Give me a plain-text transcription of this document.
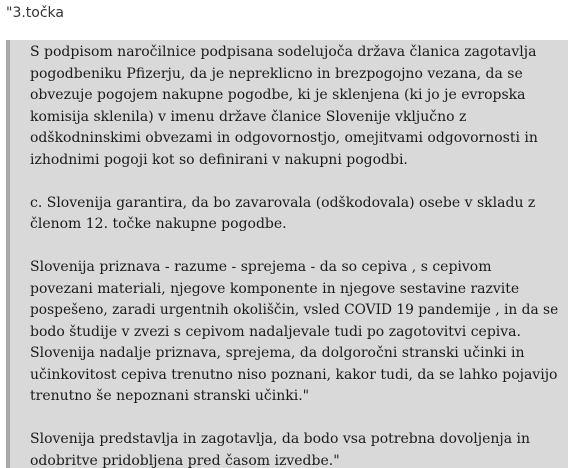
"3.točka
S podpisom naročilnice podpisana sodelujoča država članica zagotavlja
pogodbeniku Pfizerju, da je nepreklicno in brezpogojno vezana, da se
obvezuje pogojem nakupne pogodbe, ki je sklenjena (ki jo je evropska
komisija sklenila) v imenu države članice Slovenije vključno z
odškodninskimi obvezami in odgovornostjo, omejitvami odgovornosti in
izhodnimi pogoji kot so definirani v nakupni pogodbi.
c. Slovenija garantira, da bo zavarovala (odškodovala) osebe v skladu z
členom 12. točke nakupne pogodbe.
Slovenija priznava - razume - sprejema - da so cepiva , s cepivom
povezani materiali, njegove komponente in njegove sestavine razvite
pospešeno, zaradi urgentnih okoliščin, vsled COVID 19 pandemije , in da se
bodo študije v zvezi s cepivom nadaljevale tudi po zagotovitvi cepiva.
Slovenija nadalje priznava, sprejema, da dolgoročni stranski učinki in
učinkovitost cepiva trenutno niso poznani, kakor tudi, da se lahko pojavijo
trenutno še nepoznani stranski učinki."
Slovenija predstavlja in zagotavlja, da bodo vsa potrebna dovoljenja in
odobritve pridobljena pred časom izvedbe."
